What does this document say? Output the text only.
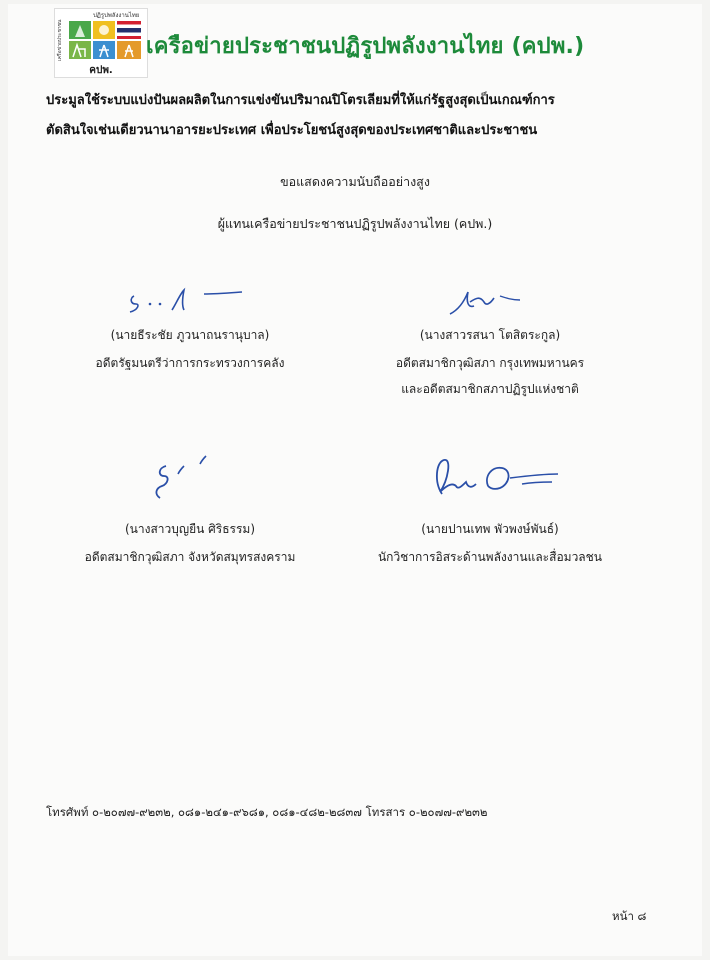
ปฏิรูปพลังงานไทย
เครือข่ายประชาชน
คปพ.
เครือข่ายประชาชนปฏิรูปพลังงานไทย (คปพ.)
ประมูลใช้ระบบแบ่งปันผลผลิตในการแข่งขันปริมาณปิโตรเลียมที่ให้แก่รัฐสูงสุดเป็นเกณฑ์การ
ตัดสินใจเช่นเดียวนานาอารยะประเทศ เพื่อประโยชน์สูงสุดของประเทศชาติและประชาชน
ขอแสดงความนับถืออย่างสูง
ผู้แทนเครือข่ายประชาชนปฏิรูปพลังงานไทย (คปพ.)
(นายธีระชัย ภูวนาถนรานุบาล)
อดีตรัฐมนตรีว่าการกระทรวงการคลัง
(นางสาวรสนา โตสิตระกูล)
อดีตสมาชิกวุฒิสภา กรุงเทพมหานคร
และอดีตสมาชิกสภาปฏิรูปแห่งชาติ
(นางสาวบุญยืน ศิริธรรม)
อดีตสมาชิกวุฒิสภา จังหวัดสมุทรสงคราม
(นายปานเทพ พัวพงษ์พันธ์)
นักวิชาการอิสระด้านพลังงานและสื่อมวลชน
โทรศัพท์ ๐-๒๐๗๗-๙๒๓๒, ๐๘๑-๒๔๑-๙๖๘๑, ๐๘๑-๔๘๒-๒๘๓๗ โทรสาร ๐-๒๐๗๗-๙๒๓๒
หน้า ๘
